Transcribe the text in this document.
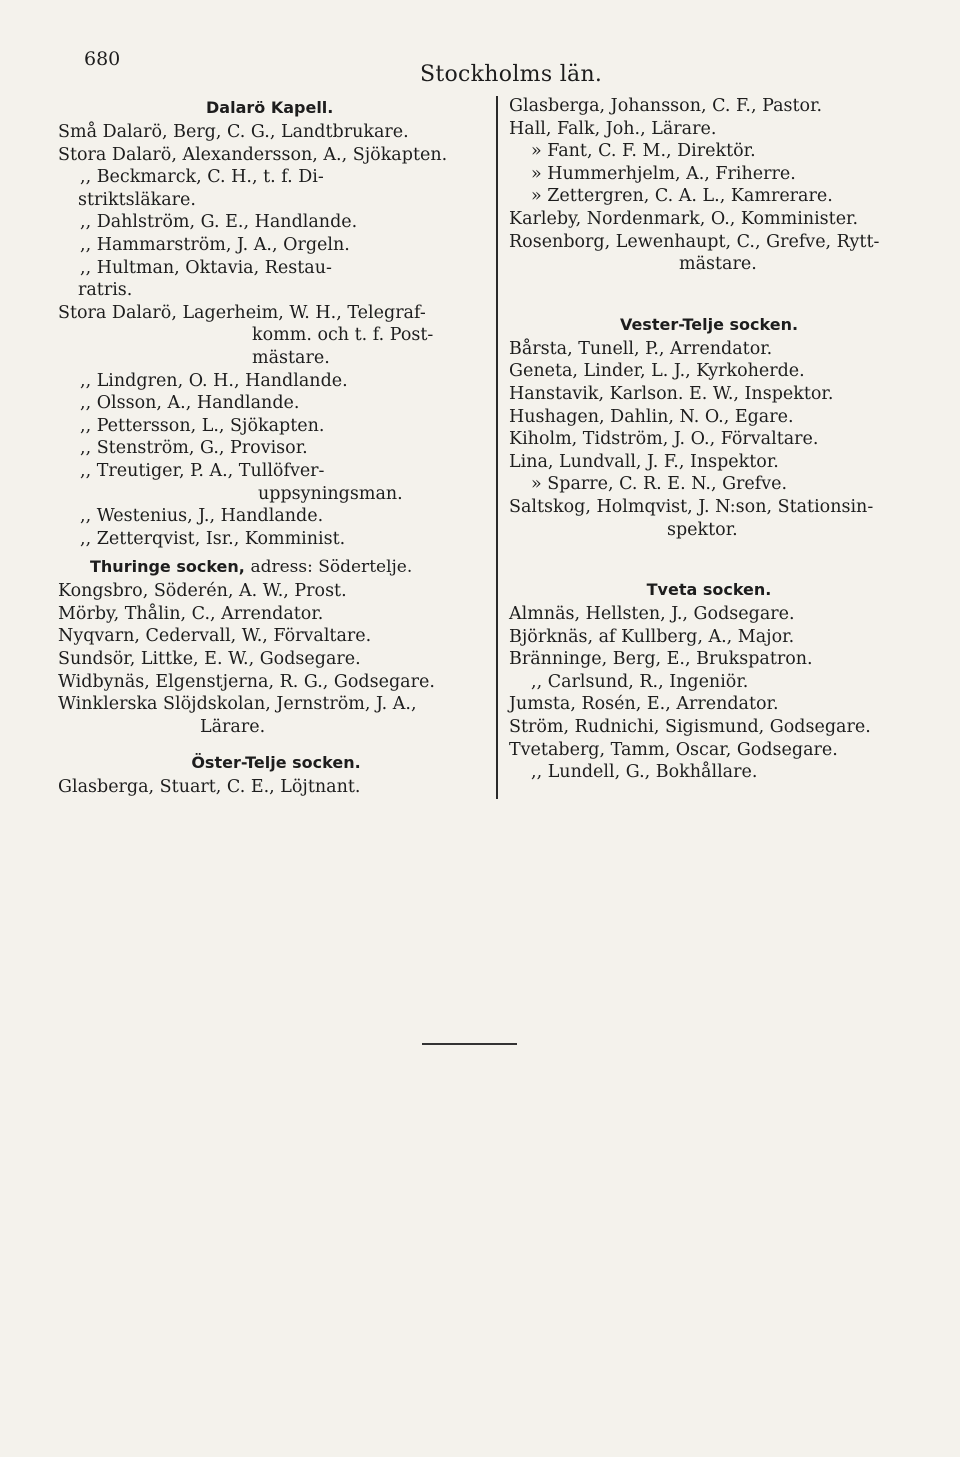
680
Stockholms län.
Dalarö Kapell.
Små Dalarö, Berg, C. G., Landtbrukare.
Stora Dalarö, Alexandersson, A., Sjökapten.
,, Beckmarck, C. H., t. f. Di-
striktsläkare.
,, Dahlström, G. E., Handlande.
,, Hammarström, J. A., Orgeln.
,, Hultman, Oktavia, Restau-
ratris.
Stora Dalarö, Lagerheim, W. H., Telegraf-
komm. och t. f. Post-
mästare.
,, Lindgren, O. H., Handlande.
,, Olsson, A., Handlande.
,, Pettersson, L., Sjökapten.
,, Stenström, G., Provisor.
,, Treutiger, P. A., Tullöfver-
uppsyningsman.
,, Westenius, J., Handlande.
,, Zetterqvist, Isr., Komminist.
Thuringe socken, adress: Södertelje.
Kongsbro, Söderén, A. W., Prost.
Mörby, Thålin, C., Arrendator.
Nyqvarn, Cedervall, W., Förvaltare.
Sundsör, Littke, E. W., Godsegare.
Widbynäs, Elgenstjerna, R. G., Godsegare.
Winklerska Slöjdskolan, Jernström, J. A.,
Lärare.
Öster-Telje socken.
Glasberga, Stuart, C. E., Löjtnant.
Glasberga, Johansson, C. F., Pastor.
Hall, Falk, Joh., Lärare.
» Fant, C. F. M., Direktör.
» Hummerhjelm, A., Friherre.
» Zettergren, C. A. L., Kamrerare.
Karleby, Nordenmark, O., Komminister.
Rosenborg, Lewenhaupt, C., Grefve, Rytt-
mästare.
Vester-Telje socken.
Bårsta, Tunell, P., Arrendator.
Geneta, Linder, L. J., Kyrkoherde.
Hanstavik, Karlson. E. W., Inspektor.
Hushagen, Dahlin, N. O., Egare.
Kiholm, Tidström, J. O., Förvaltare.
Lina, Lundvall, J. F., Inspektor.
» Sparre, C. R. E. N., Grefve.
Saltskog, Holmqvist, J. N:son, Stationsin-
spektor.
Tveta socken.
Almnäs, Hellsten, J., Godsegare.
Björknäs, af Kullberg, A., Major.
Bränninge, Berg, E., Brukspatron.
,, Carlsund, R., Ingeniör.
Jumsta, Rosén, E., Arrendator.
Ström, Rudnichi, Sigismund, Godsegare.
Tvetaberg, Tamm, Oscar, Godsegare.
,, Lundell, G., Bokhållare.
